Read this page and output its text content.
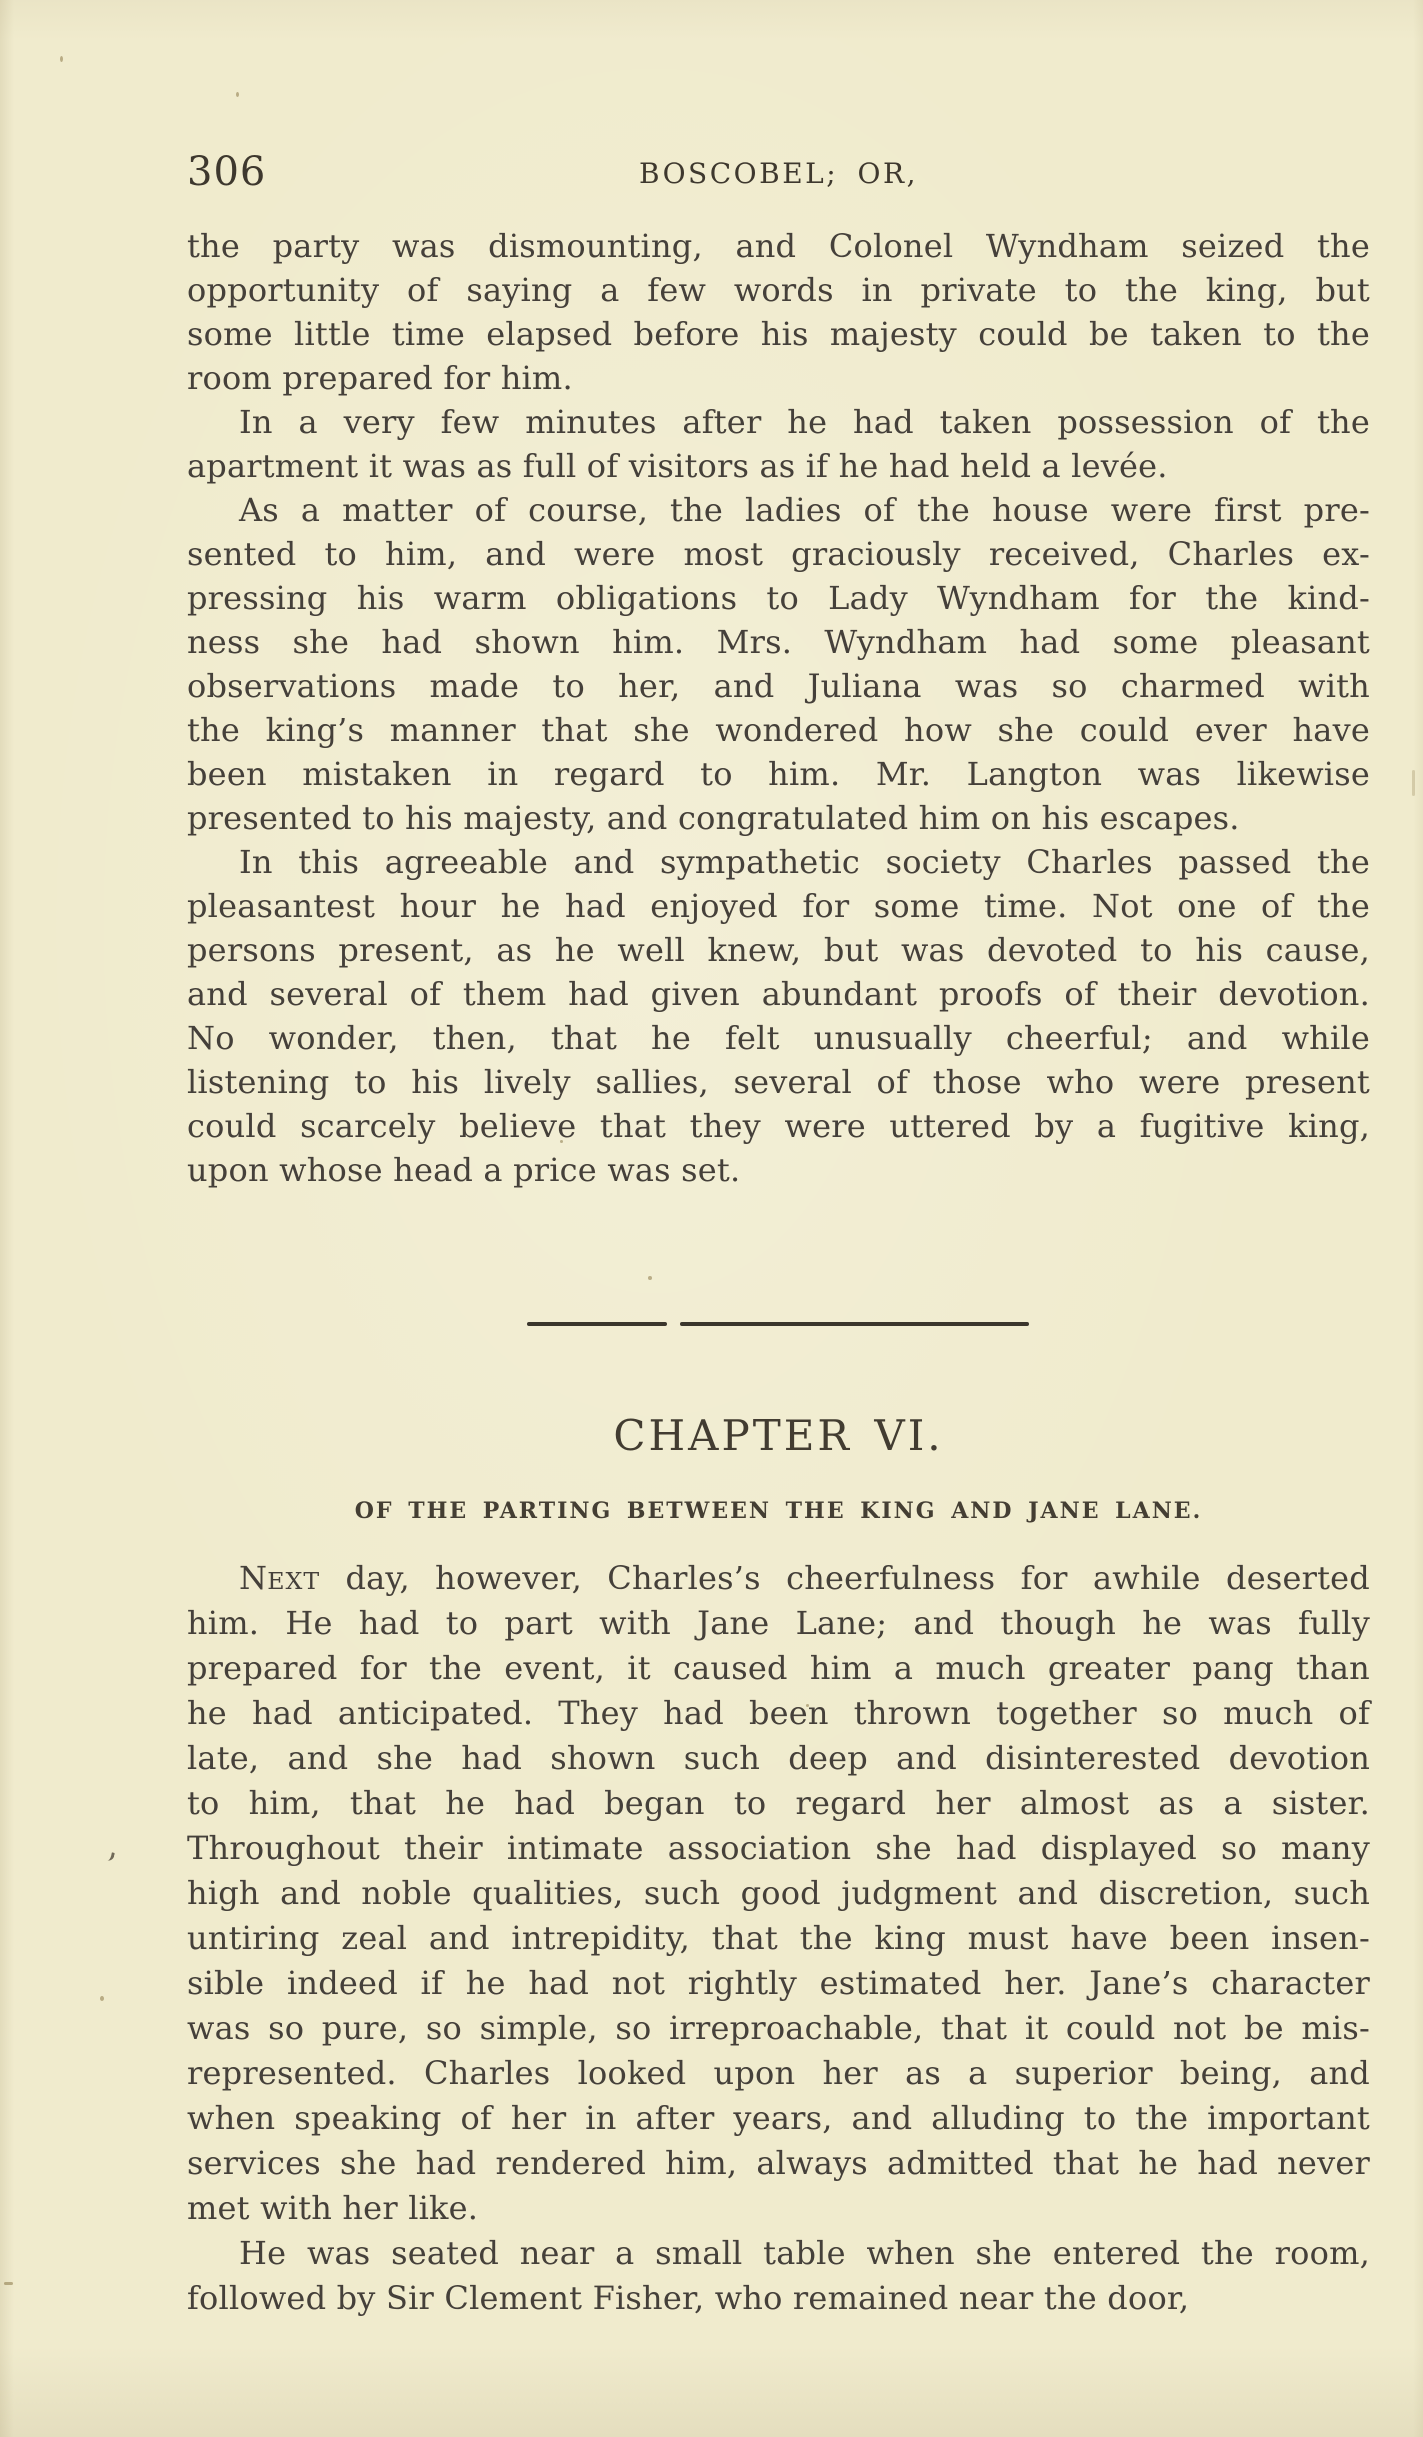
306	BOSCOBEL; OR,
the party was dismounting, and Colonel Wyndham seized the
opportunity of saying a few words in private to the king, but
some little time elapsed before his majesty could be taken to the
room prepared for him.
In a very few minutes after he had taken possession of the
apartment it was as full of visitors as if he had held a levée.
As a matter of course, the ladies of the house were first pre-
sented to him, and were most graciously received, Charles ex-
pressing his warm obligations to Lady Wyndham for the kind-
ness she had shown him. Mrs. Wyndham had some pleasant
observations made to her, and Juliana was so charmed with
the king’s manner that she wondered how she could ever have
been mistaken in regard to him. Mr. Langton was likewise
presented to his majesty, and congratulated him on his escapes.
In this agreeable and sympathetic society Charles passed the
pleasantest hour he had enjoyed for some time. Not one of the
persons present, as he well knew, but was devoted to his cause,
and several of them had given abundant proofs of their devotion.
No wonder, then, that he felt unusually cheerful; and while
listening to his lively sallies, several of those who were present
could scarcely believe that they were uttered by a fugitive king,
upon whose head a price was set.
CHAPTER VI.
OF THE PARTING BETWEEN THE KING AND JANE LANE.
NEXT day, however, Charles’s cheerfulness for awhile deserted
him. He had to part with Jane Lane; and though he was fully
prepared for the event, it caused him a much greater pang than
he had anticipated. They had been thrown together so much of
late, and she had shown such deep and disinterested devotion
to him, that he had began to regard her almost as a sister.
Throughout their intimate association she had displayed so many
high and noble qualities, such good judgment and discretion, such
untiring zeal and intrepidity, that the king must have been insen-
sible indeed if he had not rightly estimated her. Jane’s character
was so pure, so simple, so irreproachable, that it could not be mis-
represented. Charles looked upon her as a superior being, and
when speaking of her in after years, and alluding to the important
services she had rendered him, always admitted that he had never
met with her like.
He was seated near a small table when she entered the room,
followed by Sir Clement Fisher, who remained near the door,
